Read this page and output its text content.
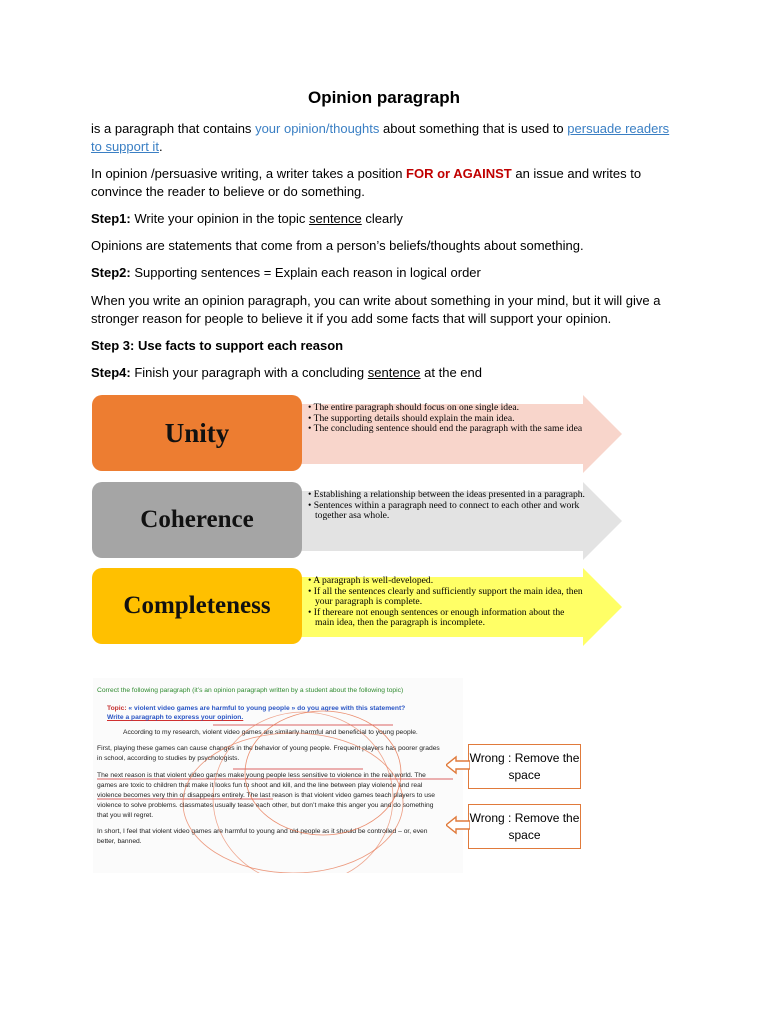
Opinion paragraph
is a paragraph that contains your opinion/thoughts about something that is used to persuade readers to support it.
In opinion /persuasive writing, a writer takes a position FOR or AGAINST an issue and writes to convince the reader to believe or do something.
Step1: Write your opinion in the topic sentence clearly
Opinions are statements that come from a person’s beliefs/thoughts about something.
Step2: Supporting sentences = Explain each reason in logical order
When you write an opinion paragraph, you can write about something in your mind, but it will give a stronger reason for people to believe it if you add some facts that will support your opinion.
Step 3: Use facts to support each reason
Step4: Finish your paragraph with a concluding sentence at the end
Unity
• The entire paragraph should focus on one single idea.
• The supporting details should explain the main idea.
• The concluding sentence should end the paragraph with the same idea
Coherence
• Establishing a relationship between the ideas presented in a paragraph.
• Sentences within a paragraph need to connect to each other and work together asa whole.
Completeness
• A paragraph is well-developed.
• If all the sentences clearly and sufficiently support the main idea, then your paragraph is complete.
• If thereare not enough sentences or enough information about the main idea, then the paragraph is incomplete.
Correct the following paragraph (it’s an opinion paragraph written by a student about the following topic)
Topic: « violent video games are harmful to young people » do you agree with this statement?
Write a paragraph to express your opinion.
According to my research, violent video games are similarly harmful and beneficial to young people.
First, playing these games can cause changes in the behavior of young people. Frequent players has poorer grades
in school, according to studies by psychologists.
The next reason is that violent video games make young people less sensitive to violence in the real world. The
games are toxic to children that make it looks fun to shoot and kill, and the line between play violence and real
violence becomes very thin or disappears entirely. The last reason is that violent video games teach players to use
violence to solve problems. classmates usually tease each other, but don’t make this anger you and do something
that you will regret.
In short, I feel that violent video games are harmful to young and old people as it should be controlled – or, even
better, banned.
Wrong : Remove the space
Wrong : Remove the space
